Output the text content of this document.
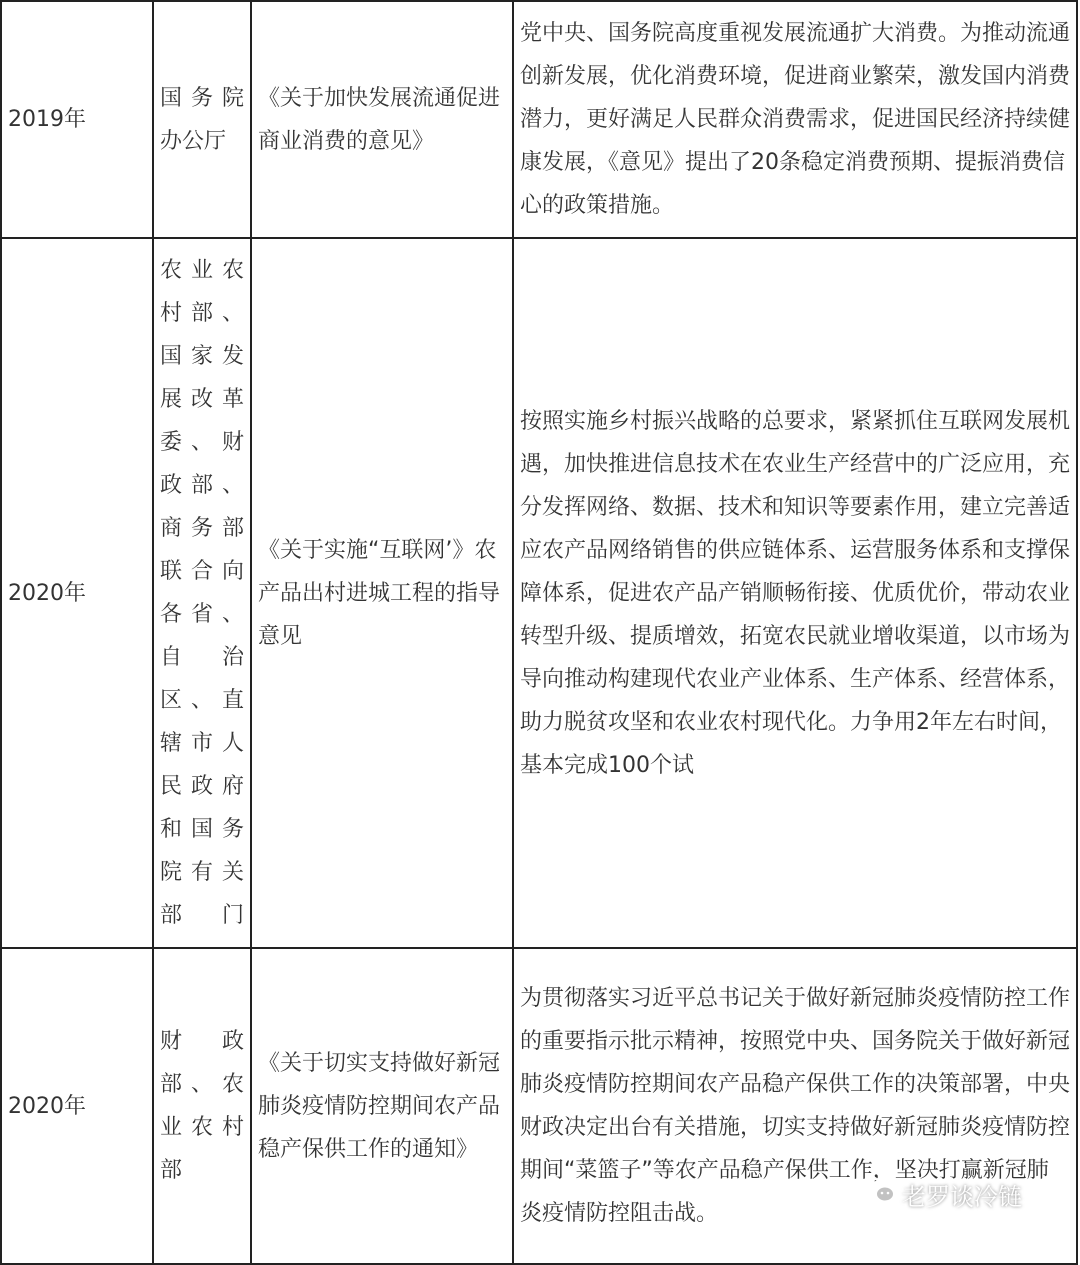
2019年	国务院办公厅	《关于加快发展流通促进商业消费的意见》	党中央、国务院高度重视发展流通扩大消费。为推动流通创新发展，优化消费环境，促进商业繁荣，激发国内消费潜力，更好满足人民群众消费需求，促进国民经济持续健康发展，《意见》提出了20条稳定消费预期、提振消费信心的政策措施。
2020年	农业农村部、国家发展改革委、财政部、商务部联合向各省、自治区、直辖市人民政府和国务院有关部门	《关于实施“互联网’》农产品出村进城工程的指导意见	按照实施乡村振兴战略的总要求，紧紧抓住互联网发展机遇，加快推进信息技术在农业生产经营中的广泛应用，充分发挥网络、数据、技术和知识等要素作用，建立完善适应农产品网络销售的供应链体系、运营服务体系和支撑保障体系，促进农产品产销顺畅衔接、优质优价，带动农业转型升级、提质增效，拓宽农民就业增收渠道，以市场为导向推动构建现代农业产业体系、生产体系、经营体系，助力脱贫攻坚和农业农村现代化。力争用2年左右时间，基本完成100个试
2020年	财政部、农业农村部	《关于切实支持做好新冠肺炎疫情防控期间农产品稳产保供工作的通知》	为贯彻落实习近平总书记关于做好新冠肺炎疫情防控工作的重要指示批示精神，按照党中央、国务院关于做好新冠肺炎疫情防控期间农产品稳产保供工作的决策部署，中央财政决定出台有关措施，切实支持做好新冠肺炎疫情防控期间“菜篮子”等农产品稳产保供工作，坚决打赢新冠肺炎疫情防控阻击战。
老罗谈冷链
